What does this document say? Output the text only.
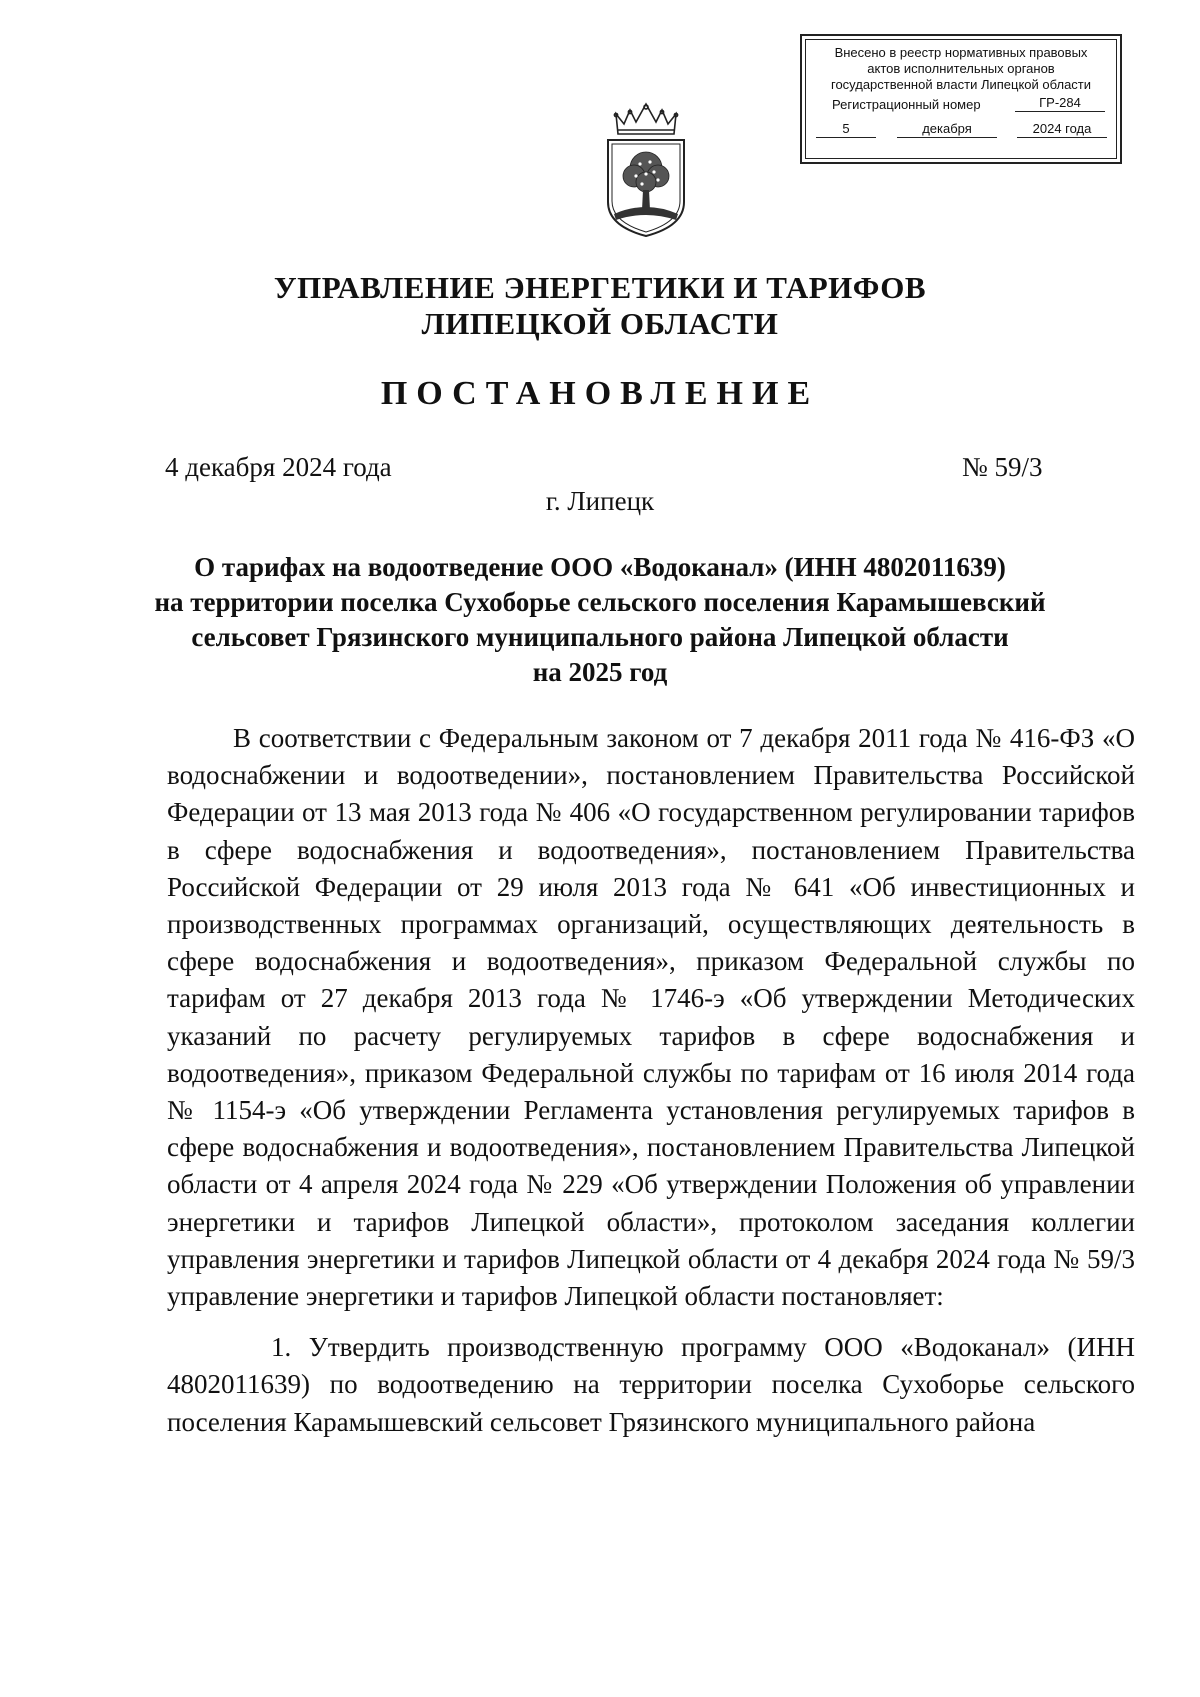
Внесено в реестр нормативных правовых
актов исполнительных органов
государственной власти Липецкой области
Регистрационный номер	ГР-284
5	декабря	2024 года
УПРАВЛЕНИЕ ЭНЕРГЕТИКИ И ТАРИФОВ
ЛИПЕЦКОЙ ОБЛАСТИ
ПОСТАНОВЛЕНИЕ
4 декабря 2024 года	№ 59/3
г. Липецк
О тарифах на водоотведение ООО «Водоканал» (ИНН 4802011639)
на территории поселка Сухоборье сельского поселения Карамышевский
сельсовет Грязинского муниципального района Липецкой области
на 2025 год

В соответствии с Федеральным законом от 7 декабря 2011 года № 416-ФЗ «О водоснабжении и водоотведении», постановлением Правительства Российской Федерации от 13 мая 2013 года № 406 «О государственном регулировании тарифов в сфере водоснабжения и водоотведения», постановлением Правительства Российской Федерации от 29 июля 2013 года № 641 «Об инвестиционных и производственных программах организаций, осуществляющих деятельность в сфере водоснабжения и водоотведения», приказом Федеральной службы по тарифам от 27 декабря 2013 года № 1746-э «Об утверждении Методических указаний по расчету регулируемых тарифов в сфере водоснабжения и водоотведения», приказом Федеральной службы по тарифам от 16 июля 2014 года № 1154-э «Об утверждении Регламента установления регулируемых тарифов в сфере водоснабжения и водоотведения», постановлением Правительства Липецкой области от 4 апреля 2024 года № 229 «Об утверждении Положения об управлении энергетики и тарифов Липецкой области», протоколом заседания коллегии управления энергетики и тарифов Липецкой области от 4 декабря 2024 года № 59/3 управление энергетики и тарифов Липецкой области постановляет:

1. Утвердить производственную программу ООО «Водоканал» (ИНН 4802011639) по водоотведению на территории поселка Сухоборье сельского поселения Карамышевский сельсовет Грязинского муниципального района
